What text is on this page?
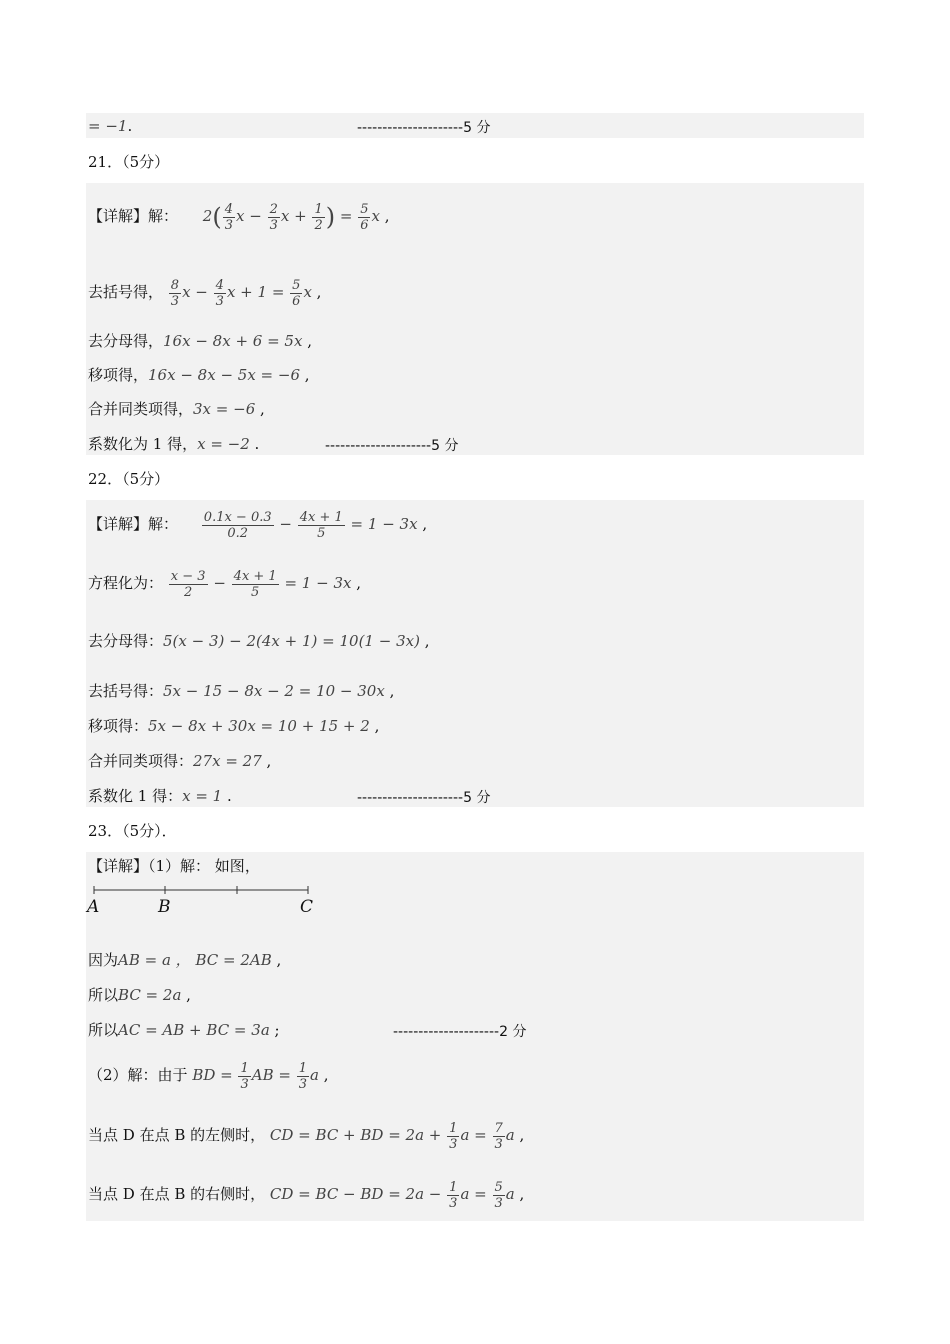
= −1.	---------------------5 分
21．（5分）
【详解】解： $2( \frac{4}{3}$ $x - \frac{2}{3}$ $x + \frac{1}{2}$ ) = $\frac{5}{6}$ x ,
去括号得， $\frac{8}{3}$ $x - \frac{4}{3}$ $x + 1 = \frac{5}{6}$ x ,
去分母得，16x − 8x + 6 = 5x ,
移项得，16x − 8x − 5x = −6 ,
合并同类项得，3x = −6 ,
系数化为 1 得，x = −2 .	---------------------5 分
22．（5分）
【详解】解： $\frac{0.1x - 0.3}{0.2} - \frac{4x + 1}{5} = 1 - 3x$ ,
方程化为： $\frac{x - 3}{2} - \frac{4x + 1}{5} = 1 - 3x$ ,
去分母得：5(x − 3) − 2(4x + 1) = 10(1 − 3x) ,
去括号得：5x − 15 − 8x − 2 = 10 − 30x ,
移项得：5x − 8x + 30x = 10 + 15 + 2 ,
合并同类项得：27x = 27 ,
系数化 1 得：x = 1 .	---------------------5 分
23．（5分）．
【详解】（1）解： 如图，
A	B	C
因为AB = a ， BC = 2AB ,
所以BC = 2a ,
所以AC = AB + BC = 3a ;	---------------------2 分
（2）解：由于 BD = $\frac{1}{3}$ AB = $\frac{1}{3}$ a ,
当点 D 在点 B 的左侧时， CD = BC + BD = $2a + \frac{1}{3}$ $a = \frac{7}{3}$ a ,
当点 D 在点 B 的右侧时， CD = BC − BD = $2a - \frac{1}{3}$ $a = \frac{5}{3}$ a ,
